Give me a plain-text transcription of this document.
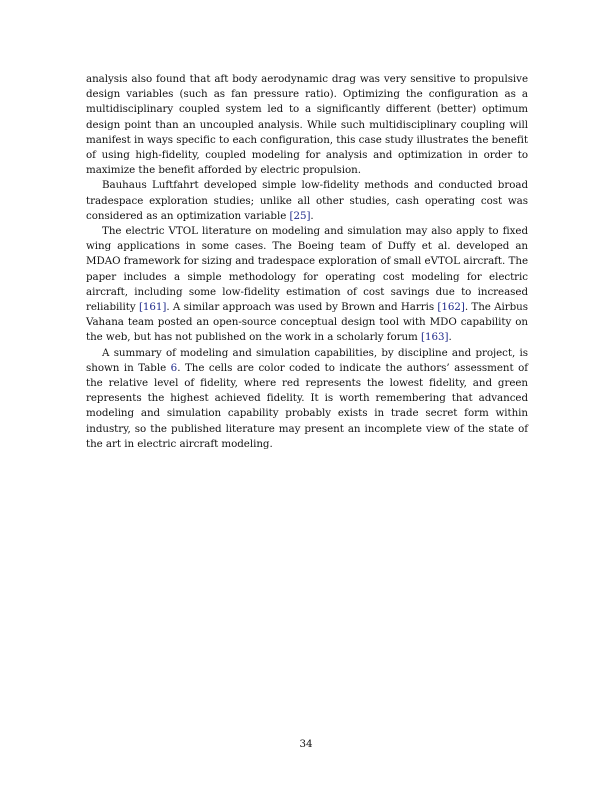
analysis also found that aft body aerodynamic drag was very sensitive to propulsive design variables (such as fan pressure ratio). Optimizing the configuration as a multidisciplinary coupled system led to a significantly different (better) optimum design point than an uncoupled analysis. While such multidisciplinary coupling will manifest in ways specific to each configuration, this case study illustrates the benefit of using high-fidelity, coupled modeling for analysis and optimization in order to maximize the benefit afforded by electric propulsion.

Bauhaus Luftfahrt developed simple low-fidelity methods and conducted broad tradespace exploration studies; unlike all other studies, cash operating cost was considered as an optimization variable [25].

The electric VTOL literature on modeling and simulation may also apply to fixed wing applications in some cases. The Boeing team of Duffy et al. developed an MDAO framework for sizing and tradespace exploration of small eVTOL aircraft. The paper includes a simple methodology for operating cost modeling for electric aircraft, including some low-fidelity estimation of cost savings due to increased reliability [161]. A similar approach was used by Brown and Harris [162]. The Airbus Vahana team posted an open-source conceptual design tool with MDO capability on the web, but has not published on the work in a scholarly forum [163].

A summary of modeling and simulation capabilities, by discipline and project, is shown in Table 6. The cells are color coded to indicate the authors’ assessment of the relative level of fidelity, where red represents the lowest fidelity, and green represents the highest achieved fidelity. It is worth remembering that advanced modeling and simulation capability probably exists in trade secret form within industry, so the published literature may present an incomplete view of the state of the art in electric aircraft modeling.

34
